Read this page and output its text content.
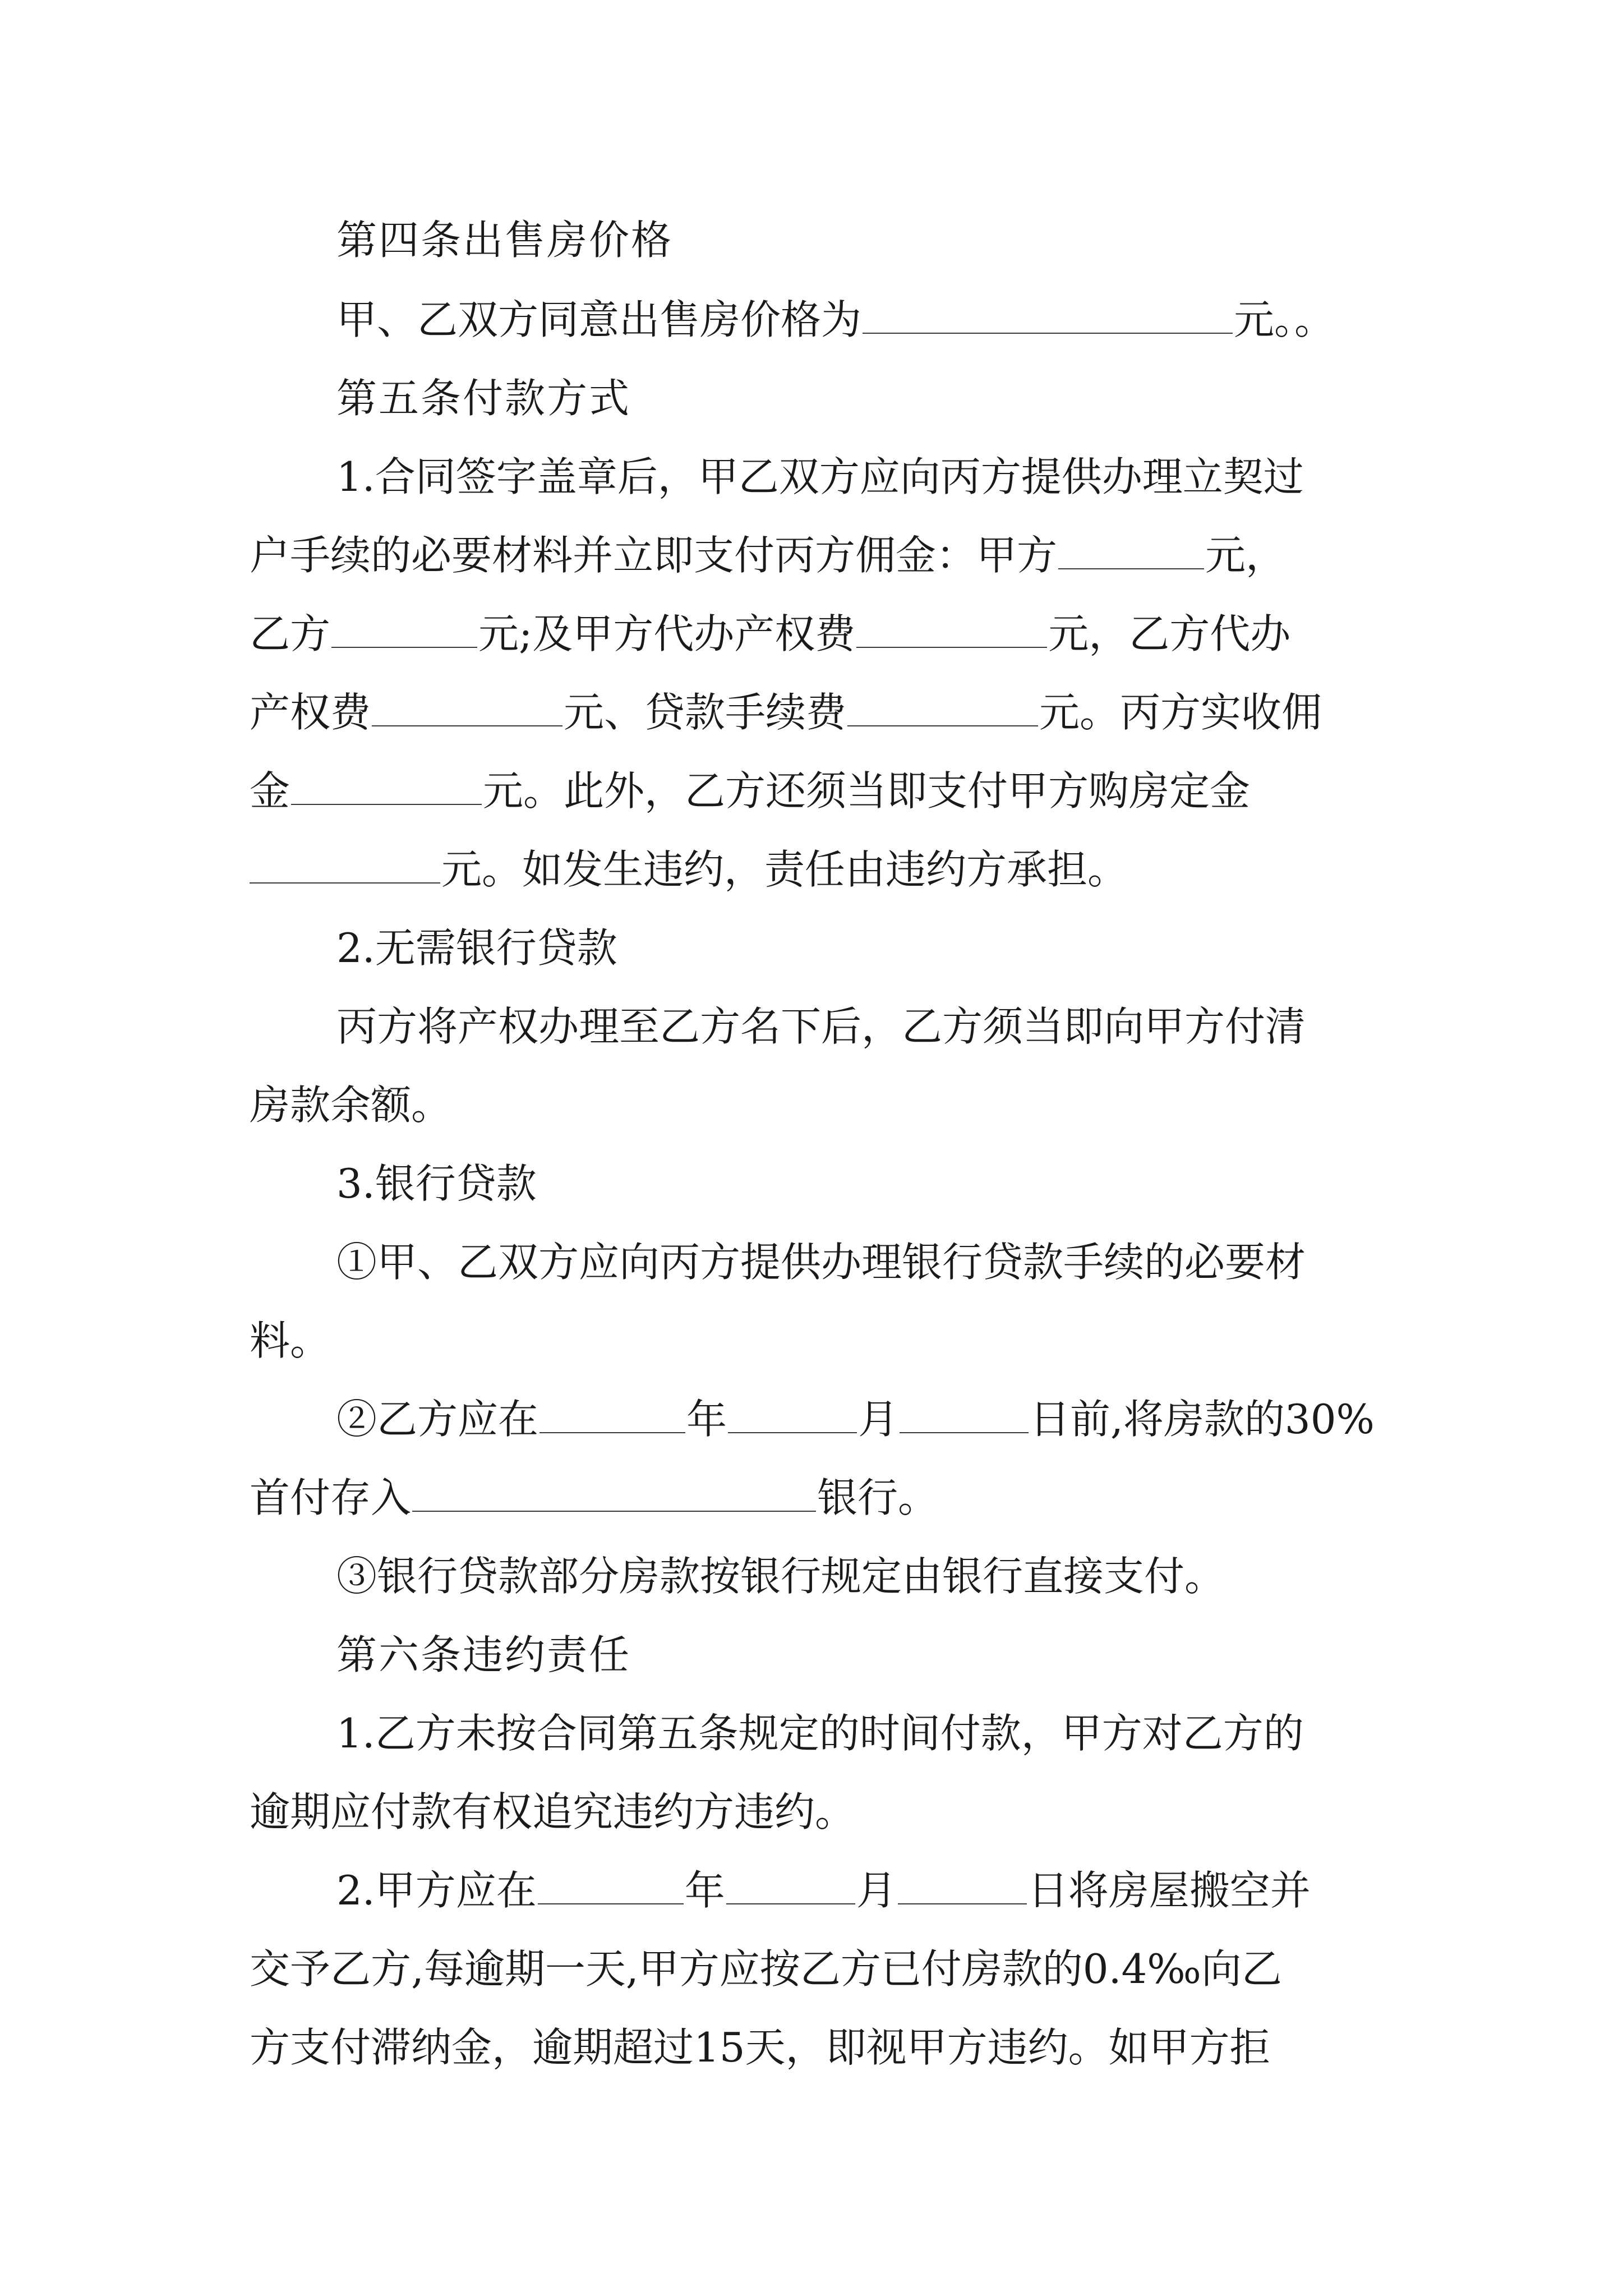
第四条出售房价格
甲、乙双方同意出售房价格为	元。。
第五条付款方式
1.合同签字盖章后，甲乙双方应向丙方提供办理立契过
户手续的必要材料并立即支付丙方佣金：甲方	元，
乙方	元;及甲方代办产权费	元，乙方代办
产权费	元、贷款手续费	元。丙方实收佣
金	元。此外，乙方还须当即支付甲方购房定金
元。如发生违约，责任由违约方承担。
2.无需银行贷款
丙方将产权办理至乙方名下后，乙方须当即向甲方付清
房款余额。
3.银行贷款
①甲、乙双方应向丙方提供办理银行贷款手续的必要材
料。
②乙方应在	年	月	日前,将房款的30%
首付存入	银行。
③银行贷款部分房款按银行规定由银行直接支付。
第六条违约责任
1.乙方未按合同第五条规定的时间付款，甲方对乙方的
逾期应付款有权追究违约方违约。
2.甲方应在	年	月	日将房屋搬空并
交予乙方,每逾期一天,甲方应按乙方已付房款的0.4‰向乙
方支付滞纳金，逾期超过15天，即视甲方违约。如甲方拒
